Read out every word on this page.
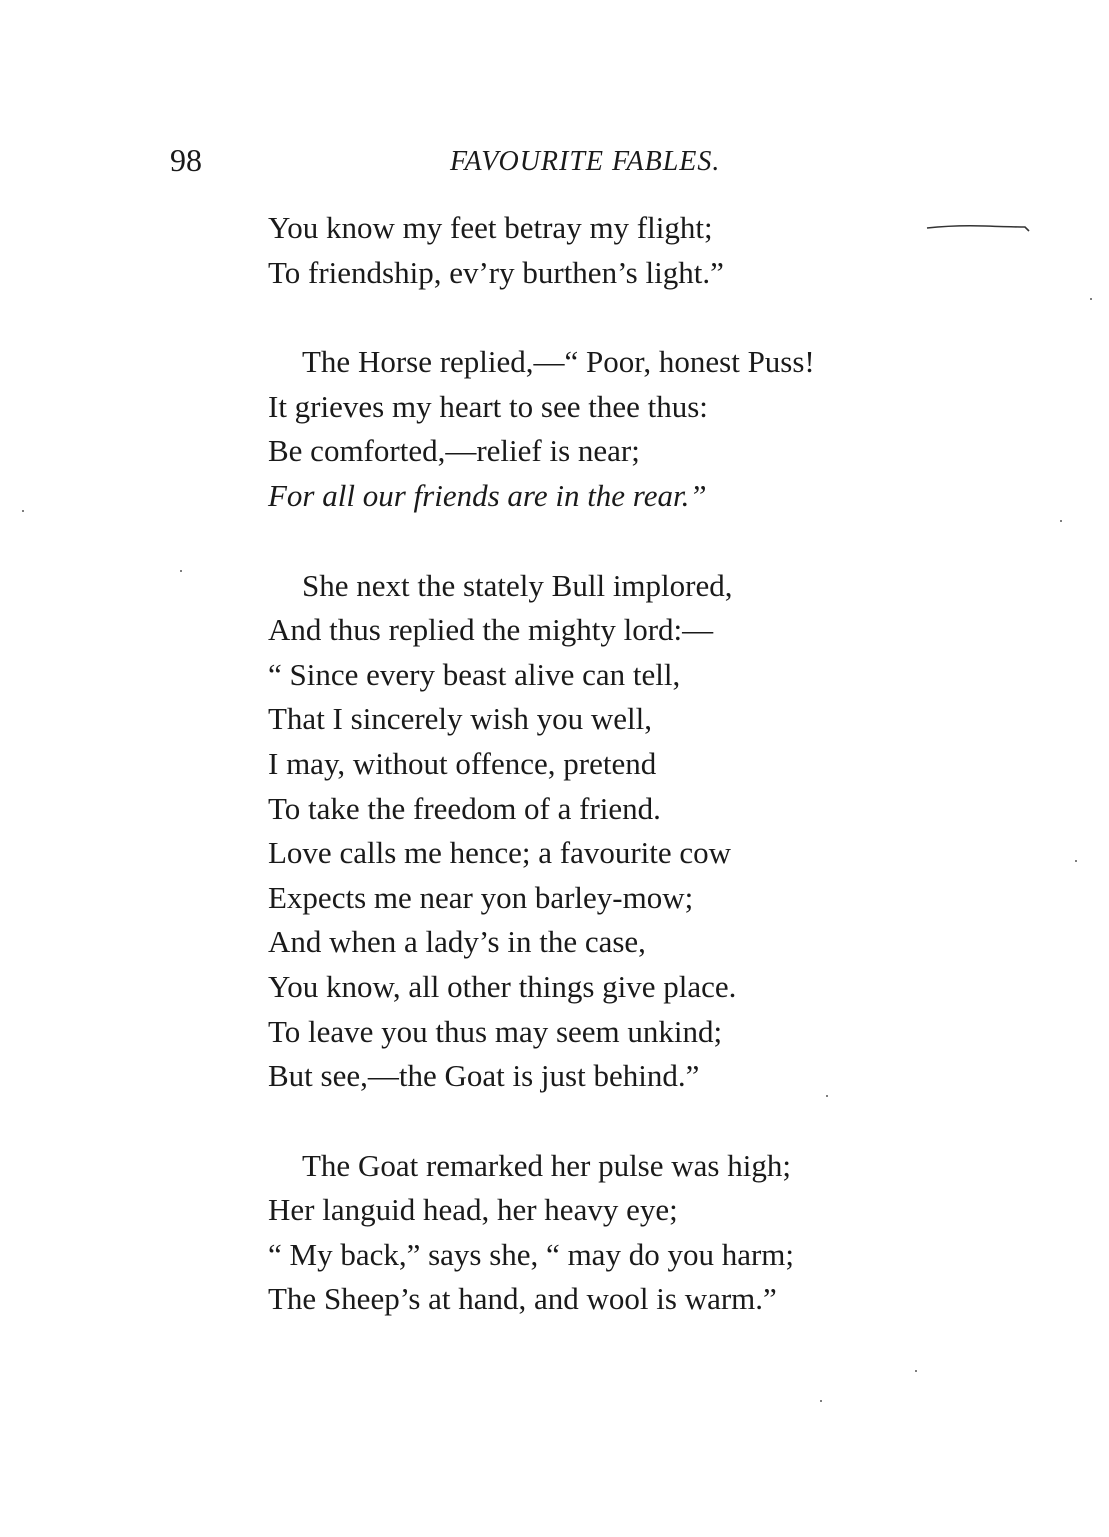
98	FAVOURITE FABLES.
You know my feet betray my flight;
To friendship, ev’ry burthen’s light.”
The Horse replied,—“ Poor, honest Puss!
It grieves my heart to see thee thus:
Be comforted,—relief is near;
For all our friends are in the rear.”
She next the stately Bull implored,
And thus replied the mighty lord:—
“ Since every beast alive can tell,
That I sincerely wish you well,
I may, without offence, pretend
To take the freedom of a friend.
Love calls me hence; a favourite cow
Expects me near yon barley-mow;
And when a lady’s in the case,
You know, all other things give place.
To leave you thus may seem unkind;
But see,—the Goat is just behind.”
The Goat remarked her pulse was high;
Her languid head, her heavy eye;
“ My back,” says she, “ may do you harm;
The Sheep’s at hand, and wool is warm.”
